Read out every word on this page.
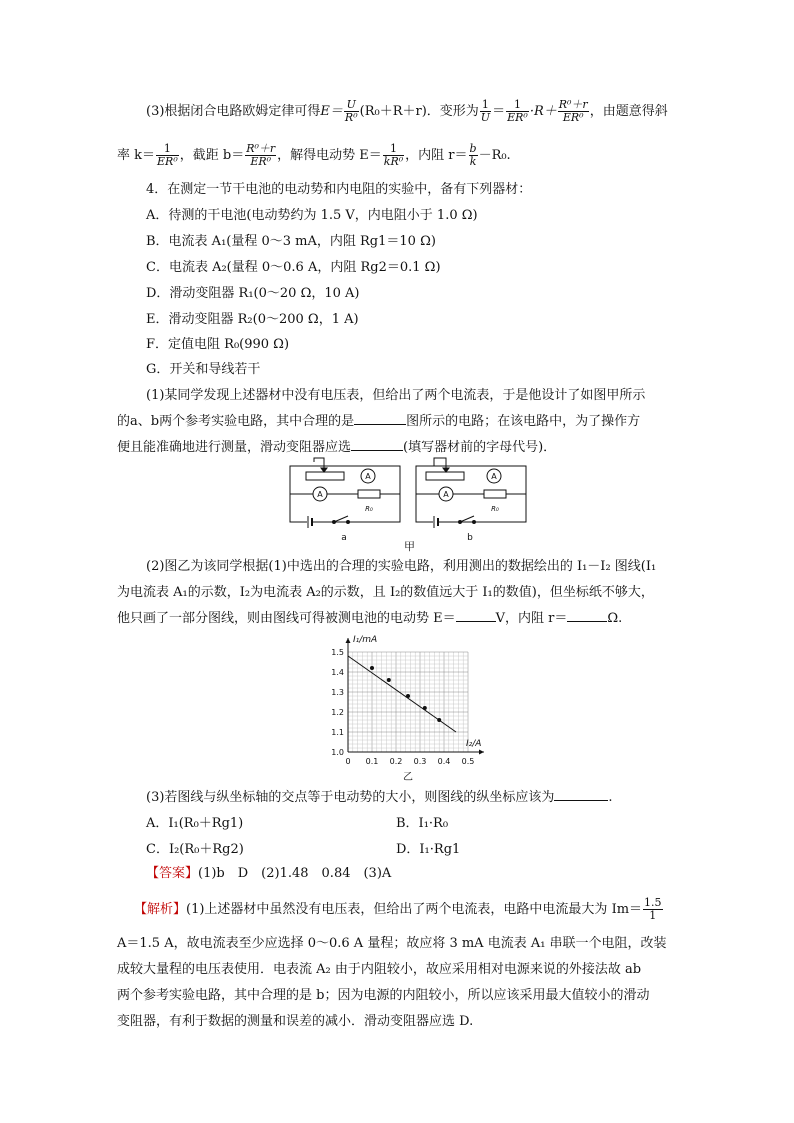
(3)根据闭合电路欧姆定律可得$E= \frac{U}{\text{R⁰}} (R_0+R+r)$．变形为 $\frac{1}{U} = \frac{1}{\text{ER⁰}} \cdot R+ \frac{\text{R⁰＋r}}{\text{ER⁰}}$ ，由题意得斜
率 $k= \frac{1}{\text{ER⁰}}$ ，截距 $b= \frac{\text{R⁰＋r}}{\text{ER⁰}}$ ，解得电动势 $E= \frac{1}{\text{kR⁰}}$ ，内阻 $r= \frac{b}{k} -R_0$.
4．在测定一节干电池的电动势和内电阻的实验中，备有下列器材：
A．待测的干电池(电动势约为 1.5 V，内电阻小于 1.0 Ω)
B．电流表 A₁(量程 0～3 mA，内阻 Rg1＝10 Ω)
C．电流表 A₂(量程 0～0.6 A，内阻 Rg2＝0.1 Ω)
D．滑动变阻器 R₁(0～20 Ω，10 A)
E．滑动变阻器 R₂(0～200 Ω，1 A)
F．定值电阻 R₀(990 Ω)
G．开关和导线若干
(1)某同学发现上述器材中没有电压表，但给出了两个电流表，于是他设计了如图甲所示
的a、b两个参考实验电路，其中合理的是	图所示的电路；在该电路中，为了操作方
便且能准确地进行测量，滑动变阻器应选	(填写器材前的字母代号)．
A
A
R₀
A
A
R₀
a	b
甲
(2)图乙为该同学根据(1)中选出的合理的实验电路，利用测出的数据绘出的 I₁－I₂ 图线(I₁
为电流表 A₁的示数，I₂为电流表 A₂的示数，且 I₂的数值远大于 I₁的数值)，但坐标纸不够大，
他只画了一部分图线，则由图线可得被测电池的电动势 E＝	V，内阻 r＝	Ω.
0 0.1 0.2 0.3 0.4 0.5
1.0
1.1
1.2
1.3
1.4
1.5
I₁/mA
I₂/A
乙
(3)若图线与纵坐标轴的交点等于电动势的大小，则图线的纵坐标应该为	.
A．I₁(R₀＋Rg1)	B．I₁·R₀
C．I₂(R₀＋Rg2)	D．I₁·Rg1
【答案】(1)b　D　(2)1.48　0.84　(3)A
【解析】(1)上述器材中虽然没有电压表，但给出了两个电流表，电路中电流最大为 $Im= \frac{1.5}{1}$
A＝1.5 A，故电流表至少应选择 0～0.6 A 量程；故应将 3 mA 电流表 A₁ 串联一个电阻，改装
成较大量程的电压表使用．电表流 A₂ 由于内阻较小，故应采用相对电源来说的外接法故 ab
两个参考实验电路，其中合理的是 b；因为电源的内阻较小，所以应该采用最大值较小的滑动
变阻器，有利于数据的测量和误差的减小．滑动变阻器应选 D.
